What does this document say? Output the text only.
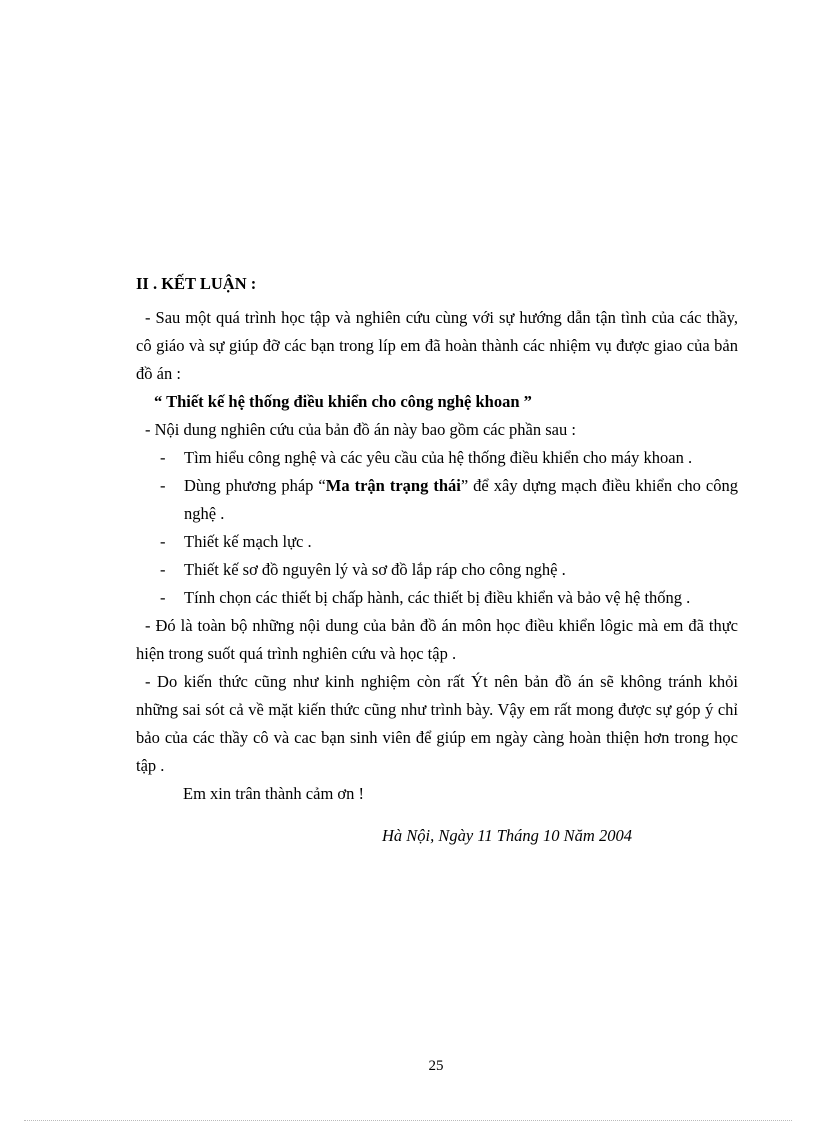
II . KẾT LUẬN :

- Sau một quá trình học tập và nghiên cứu cùng với sự hướng dẫn tận tình của các thầy, cô giáo và sự giúp đỡ các bạn trong líp em đã hoàn thành các nhiệm vụ được giao của bản đồ án :

“ Thiết kế hệ thống điều khiển cho công nghệ khoan ”

- Nội dung nghiên cứu của bản đồ án này bao gồm các phần sau :

- Tìm hiểu công nghệ và các yêu cầu của hệ thống điều khiển cho máy khoan .
- Dùng phương pháp “Ma trận trạng thái” để xây dựng mạch điều khiển cho công nghệ .
- Thiết kế mạch lực .
- Thiết kế sơ đồ nguyên lý và sơ đồ lắp ráp cho công nghệ .
- Tính chọn các thiết bị chấp hành, các thiết bị điều khiển và bảo vệ hệ thống .

- Đó là toàn bộ những nội dung của bản đồ án môn học điều khiển lôgic mà em đã thực hiện trong suốt quá trình nghiên cứu và học tập .

- Do kiến thức cũng như kinh nghiệm còn rất Ýt nên bản đồ án sẽ không tránh khỏi những sai sót cả về mặt kiến thức cũng như trình bày. Vậy em rất mong được sự góp ý chỉ bảo của các thầy cô và cac bạn sinh viên để giúp em ngày càng hoàn thiện hơn trong học tập .

Em xin trân thành cảm ơn !

Hà Nội, Ngày 11 Tháng 10 Năm 2004

25
